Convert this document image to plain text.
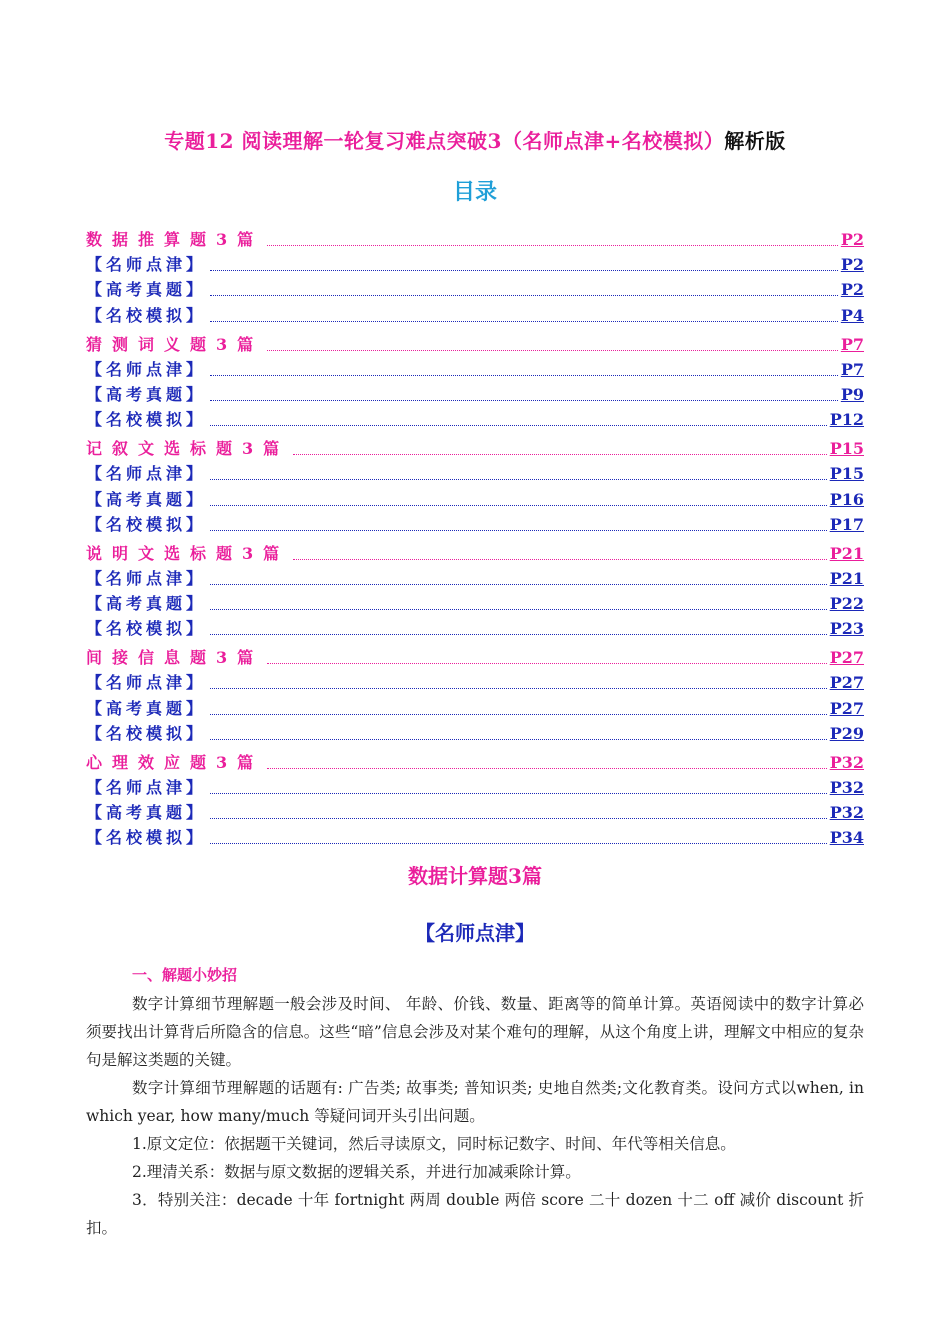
专题12 阅读理解一轮复习难点突破3（名师点津+名校模拟）解析版
目录
数据推算题3篇	P2
【名师点津】	P2
【高考真题】	P2
【名校模拟】	P4
猜测词义题3篇	P7
【名师点津】	P7
【高考真题】	P9
【名校模拟】	P12
记叙文选标题3篇	P15
【名师点津】	P15
【高考真题】	P16
【名校模拟】	P17
说明文选标题3篇	P21
【名师点津】	P21
【高考真题】	P22
【名校模拟】	P23
间接信息题3篇	P27
【名师点津】	P27
【高考真题】	P27
【名校模拟】	P29
心理效应题3篇	P32
【名师点津】	P32
【高考真题】	P32
【名校模拟】	P34
数据计算题3篇
【名师点津】
一、解题小妙招

数字计算细节理解题一般会涉及时间、 年龄、价钱、数量、距离等的简单计算。英语阅读中的数字计算必须要找出计算背后所隐含的信息。这些“暗”信息会涉及对某个难句的理解，从这个角度上讲，理解文中相应的复杂句是解这类题的关键。

数字计算细节理解题的话题有: 广告类; 故事类; 普知识类; 史地自然类;文化教育类。设问方式以when, in which year, how many/much 等疑问词开头引出问题。

1.原文定位：依据题干关键词，然后寻读原文，同时标记数字、时间、年代等相关信息。

2.理清关系：数据与原文数据的逻辑关系，并进行加减乘除计算。

3．特别关注：decade 十年 fortnight 两周 double 两倍 score 二十 dozen 十二 off 减价 discount 折扣。
